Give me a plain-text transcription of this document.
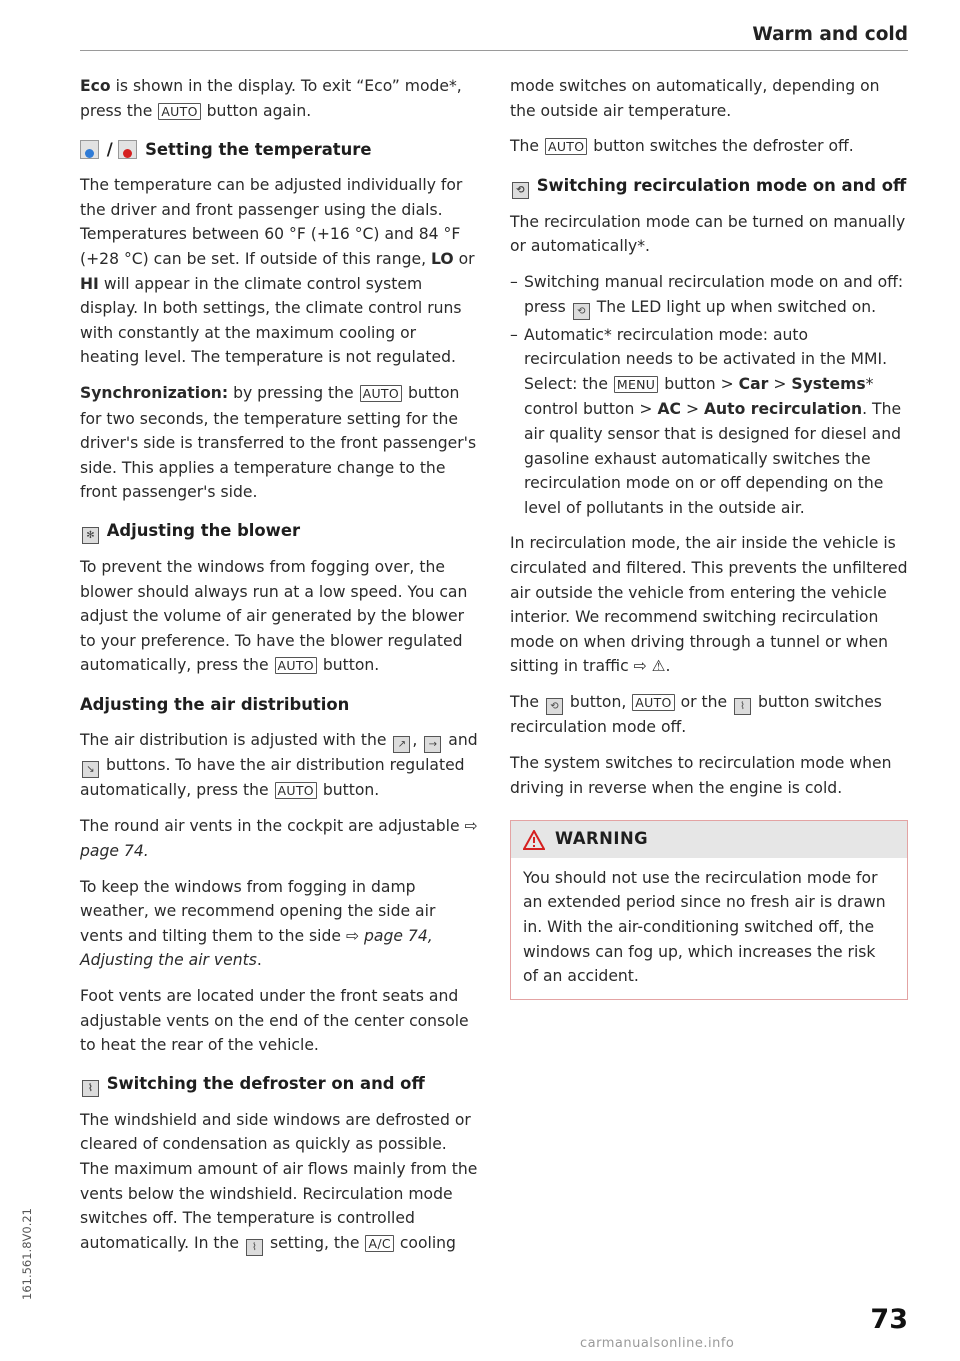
Warm and cold

Eco is shown in the display. To exit “Eco” mode*, press the AUTO button again.

/  Setting the temperature

The temperature can be adjusted individually for the driver and front passenger using the dials. Temperatures between 60 °F (+16 °C) and 84 °F (+28 °C) can be set. If outside of this range, LO or HI will appear in the climate control system display. In both settings, the climate control runs with constantly at the maximum cooling or heating level. The temperature is not regulated.

Synchronization: by pressing the AUTO button for two seconds, the temperature setting for the driver's side is transferred to the front passenger's side. This applies a temperature change to the front passenger's side.

✻ Adjusting the blower

To prevent the windows from fogging over, the blower should always run at a low speed. You can adjust the volume of air generated by the blower to your preference. To have the blower regulated automatically, press the AUTO button.

Adjusting the air distribution

The air distribution is adjusted with the ↗ , → and ↘ buttons. To have the air distribution regulated automatically, press the AUTO button.

The round air vents in the cockpit are adjustable ⇨ page 74.

To keep the windows from fogging in damp weather, we recommend opening the side air vents and tilting them to the side ⇨ page 74, Adjusting the air vents.

Foot vents are located under the front seats and adjustable vents on the end of the center console to heat the rear of the vehicle.

⌇ Switching the defroster on and off

The windshield and side windows are defrosted or cleared of condensation as quickly as possible. The maximum amount of air flows mainly from the vents below the windshield. Recirculation mode switches off. The temperature is controlled automatically. In the ⌇ setting, the A/C cooling

mode switches on automatically, depending on the outside air temperature.

The AUTO button switches the defroster off.

⟲ Switching recirculation mode on and off

The recirculation mode can be turned on manually or automatically*.

– Switching manual recirculation mode on and off: press ⟲ The LED light up when switched on.
– Automatic* recirculation mode: auto recirculation needs to be activated in the MMI. Select: the MENU button > Car > Systems* control button > AC > Auto recirculation. The air quality sensor that is designed for diesel and gasoline exhaust automatically switches the recirculation mode on or off depending on the level of pollutants in the outside air.

In recirculation mode, the air inside the vehicle is circulated and filtered. This prevents the unfiltered air outside the vehicle from entering the vehicle interior. We recommend switching recirculation mode on when driving through a tunnel or when sitting in traffic ⇨ ⚠.

The ⟲ button, AUTO or the ⌇ button switches recirculation mode off.

The system switches to recirculation mode when driving in reverse when the engine is cold.

WARNING
You should not use the recirculation mode for an extended period since no fresh air is drawn in. With the air-conditioning switched off, the windows can fog up, which increases the risk of an accident.
161.561.8V0.21
73
carmanualsonline.info
